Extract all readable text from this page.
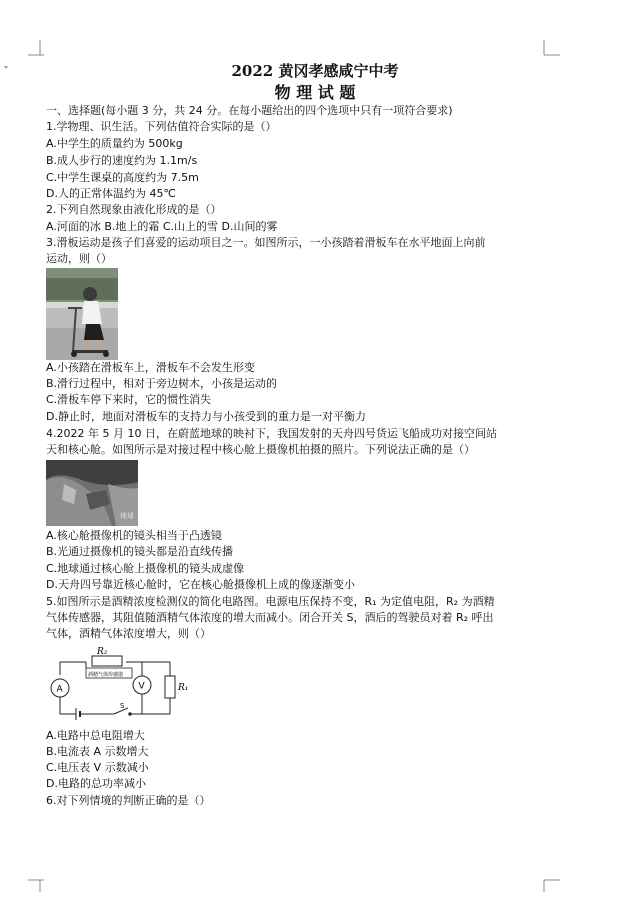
2022 黄冈孝感咸宁中考
物 理 试 题
一、选择题(每小题 3 分，共 24 分。在每小题给出的四个选项中只有一项符合要求)
1.学物理、识生活。下列估值符合实际的是（）
A.中学生的质量约为 500kg
B.成人步行的速度约为 1.1m/s
C.中学生课桌的高度约为 7.5m
D.人的正常体温约为 45℃
2.下列自然现象由液化形成的是（）
A.河面的冰 B.地上的霜 C.山上的雪 D.山间的雾
3.滑板运动是孩子们喜爱的运动项目之一。如图所示，一小孩踏着滑板车在水平地面上向前
运动，则（）
A.小孩踏在滑板车上，滑板车不会发生形变
B.滑行过程中，相对于旁边树木，小孩是运动的
C.滑板车停下来时，它的惯性消失
D.静止时，地面对滑板车的支持力与小孩受到的重力是一对平衡力
4.2022 年 5 月 10 日，在蔚蓝地球的映衬下，我国发射的天舟四号货运飞船成功对接空间站
天和核心舱。如图所示是对接过程中核心舱上摄像机拍摄的照片。下列说法正确的是（）
地球
A.核心舱摄像机的镜头相当于凸透镜
B.光通过摄像机的镜头都是沿直线传播
C.地球通过核心舱上摄像机的镜头成虚像
D.天舟四号靠近核心舱时，它在核心舱摄像机上成的像逐渐变小
5.如图所示是酒精浓度检测仪的简化电路图。电源电压保持不变，R₁ 为定值电阻，R₂ 为酒精
气体传感器，其阻值随酒精气体浓度的增大而减小。闭合开关 S，酒后的驾驶员对着 R₂ 呼出
气体，酒精气体浓度增大，则（）
R₂
酒精气体传感器
A	V	R₁
S
A.电路中总电阻增大
B.电流表 A 示数增大
C.电压表 V 示数减小
D.电路的总功率减小
6.对下列情境的判断正确的是（）
